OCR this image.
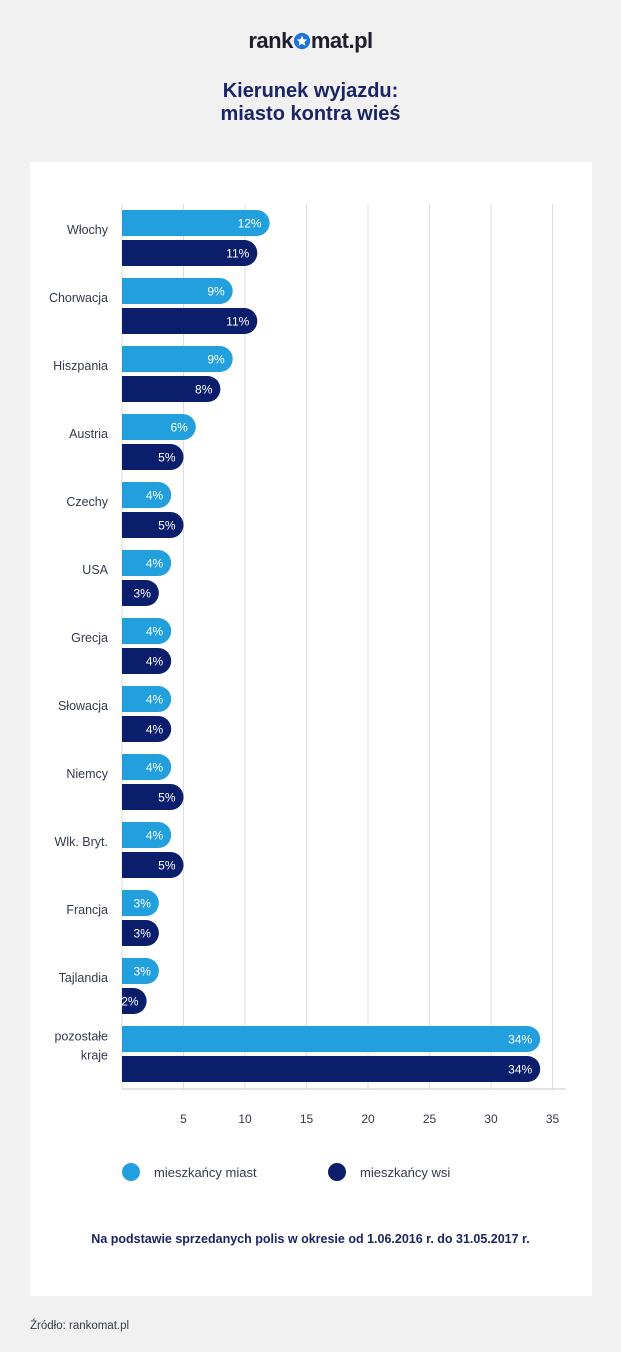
rank mat.pl
Kierunek wyjazdu:
miasto kontra wieś
5	10	15	20	25	30	35
Włochy	12%
11%
Chorwacja	9%
11%
Hiszpania	9%
8%
Austria	6%
5%
Czechy	4%
5%
USA	4%
3%
Grecja	4%
4%
Słowacja	4%
4%
Niemcy	4%
5%
Wlk. Bryt.	4%
5%
Francja 3%
3%
Tajlandia 3%
2%
pozostałe
kraje
34%
34%
mieszkańcy miast	mieszkańcy wsi
Na podstawie sprzedanych polis w okresie od 1.06.2016 r. do 31.05.2017 r.
Źródło: rankomat.pl
